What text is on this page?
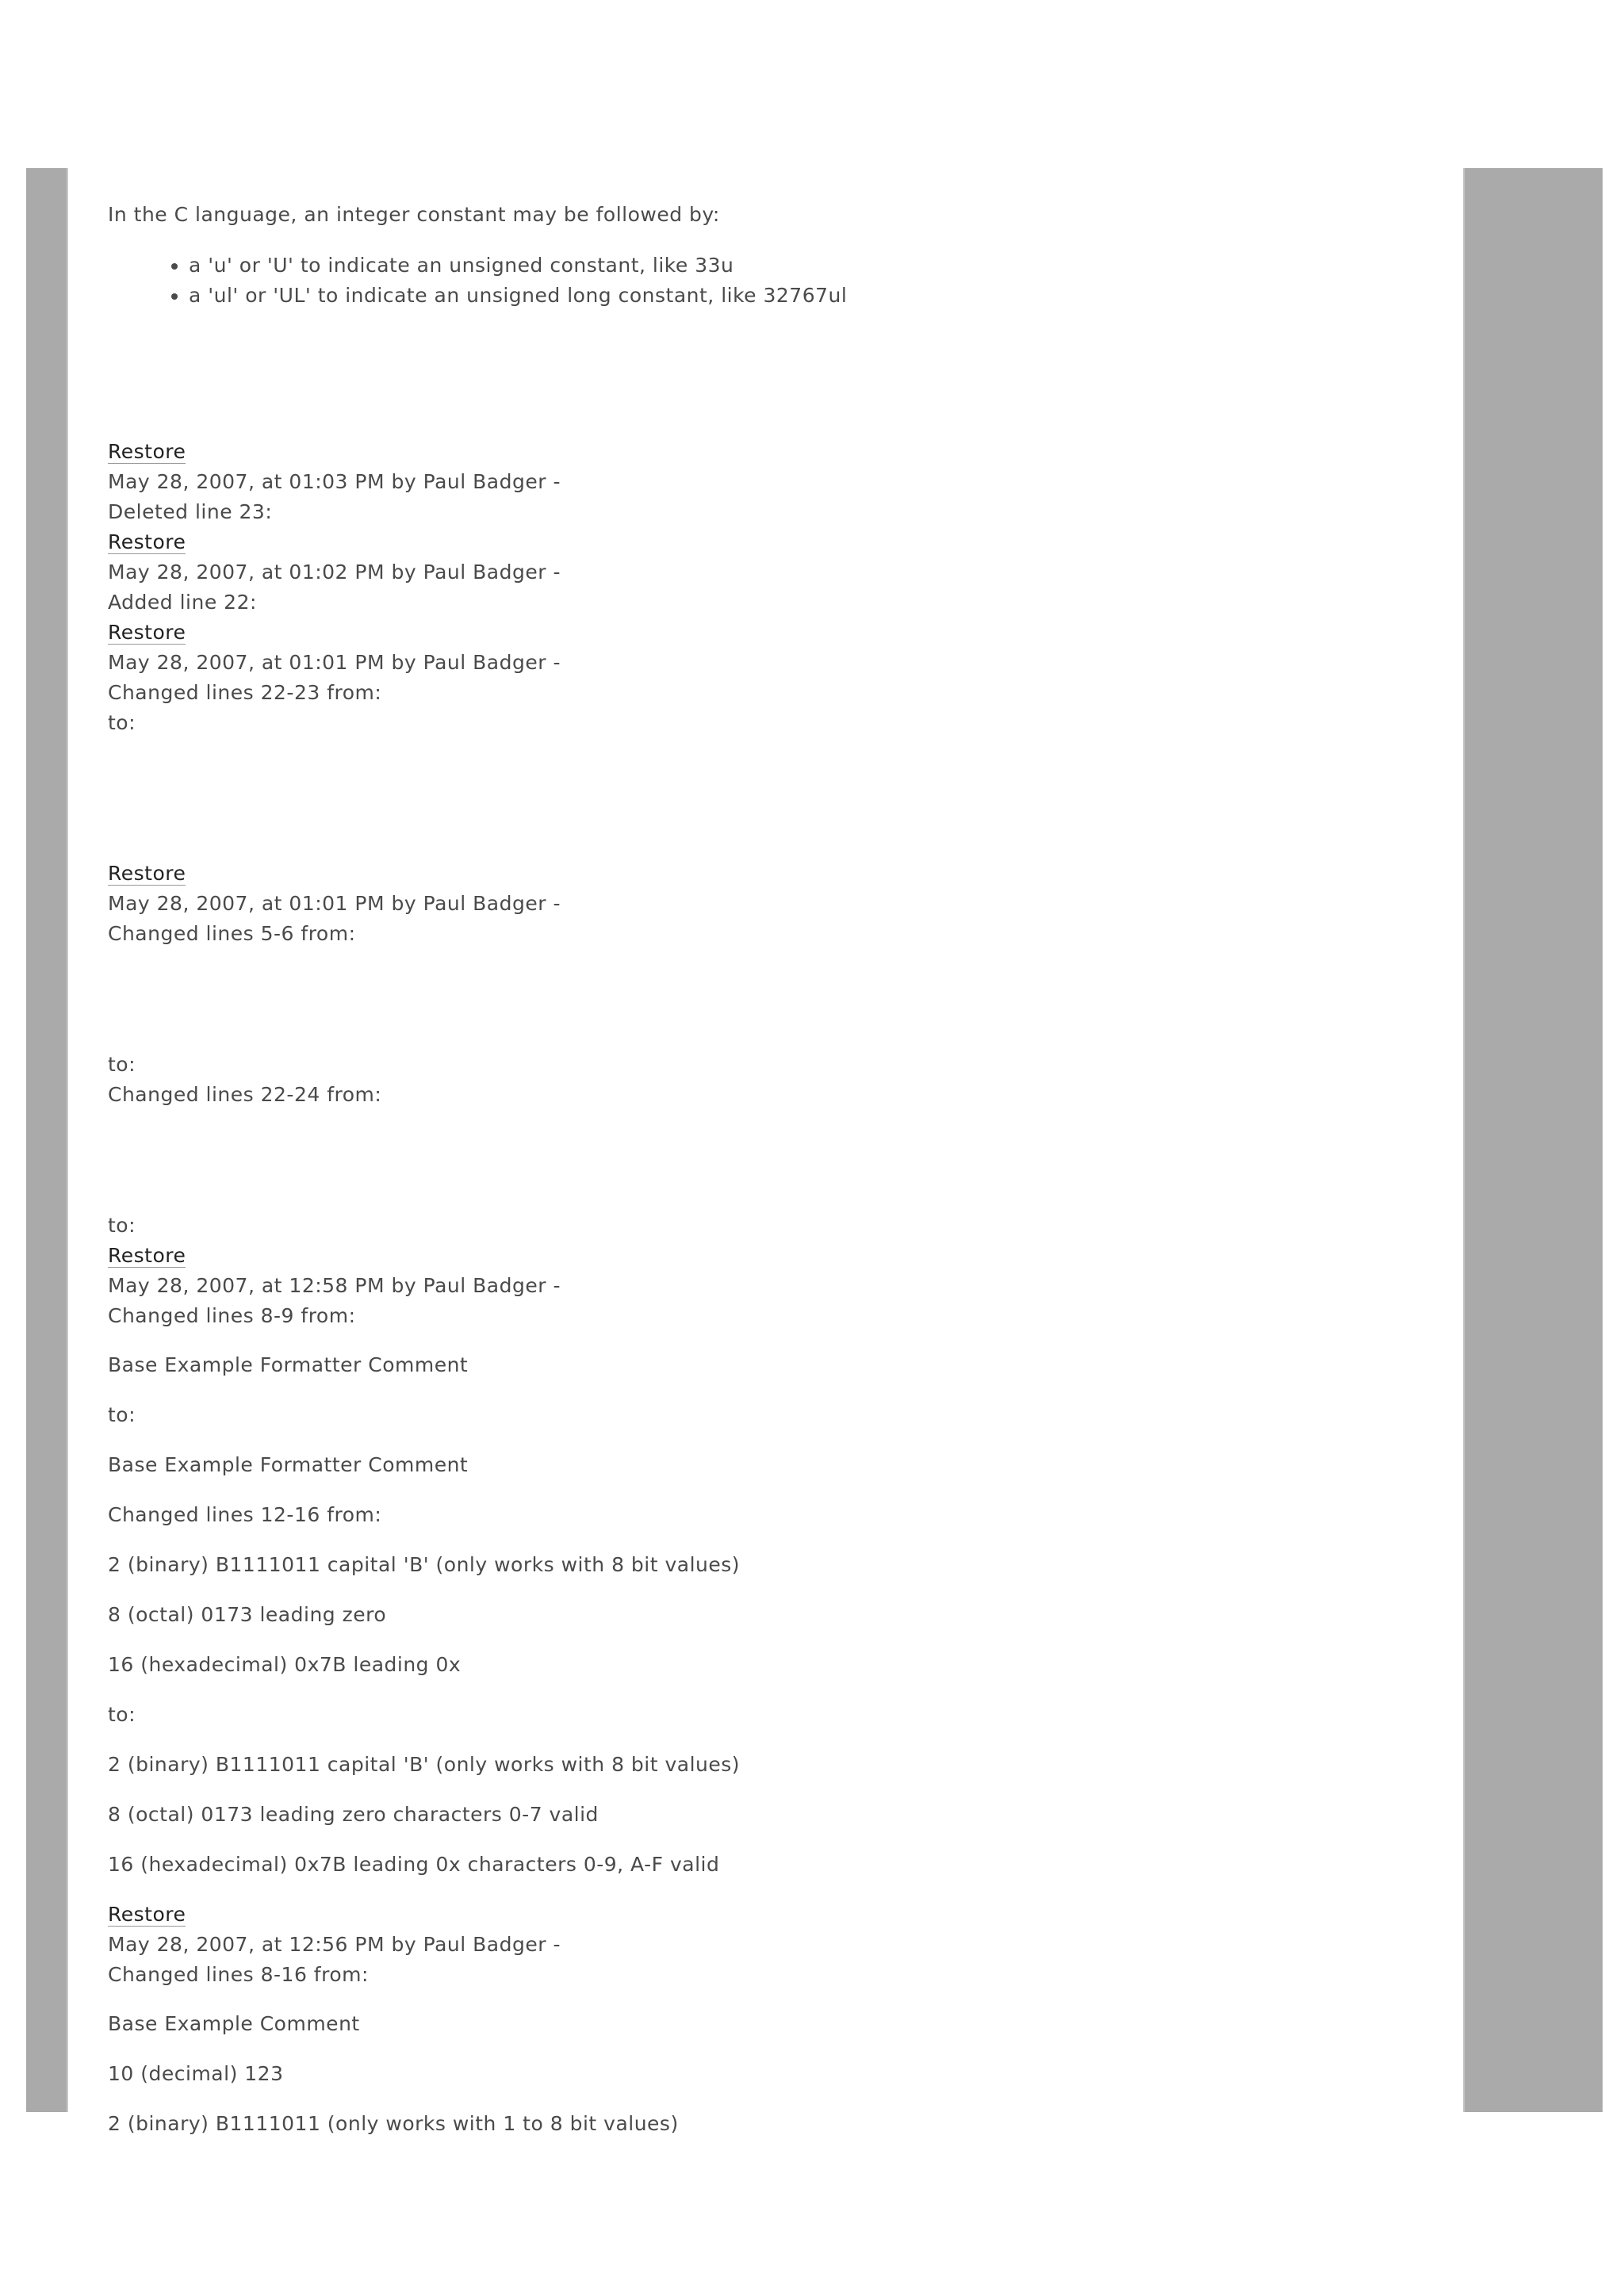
In the C language, an integer constant may be followed by:

• a 'u' or 'U' to indicate an unsigned constant, like 33u
• a 'ul' or 'UL' to indicate an unsigned long constant, like 32767ul

Restore

May 28, 2007, at 01:03 PM by Paul Badger -

Deleted line 23:

Restore

May 28, 2007, at 01:02 PM by Paul Badger -

Added line 22:

Restore

May 28, 2007, at 01:01 PM by Paul Badger -

Changed lines 22-23 from:

to:

Restore

May 28, 2007, at 01:01 PM by Paul Badger -

Changed lines 5-6 from:

to:

Changed lines 22-24 from:

to:

Restore

May 28, 2007, at 12:58 PM by Paul Badger -

Changed lines 8-9 from:

Base Example Formatter Comment

to:

Base Example Formatter Comment

Changed lines 12-16 from:

2 (binary) B1111011 capital 'B' (only works with 8 bit values)

8 (octal) 0173 leading zero

16 (hexadecimal) 0x7B leading 0x

to:

2 (binary) B1111011 capital 'B' (only works with 8 bit values)

8 (octal) 0173 leading zero characters 0-7 valid

16 (hexadecimal) 0x7B leading 0x characters 0-9, A-F valid

Restore

May 28, 2007, at 12:56 PM by Paul Badger -

Changed lines 8-16 from:

Base Example Comment

10 (decimal) 123

2 (binary) B1111011 (only works with 1 to 8 bit values)
